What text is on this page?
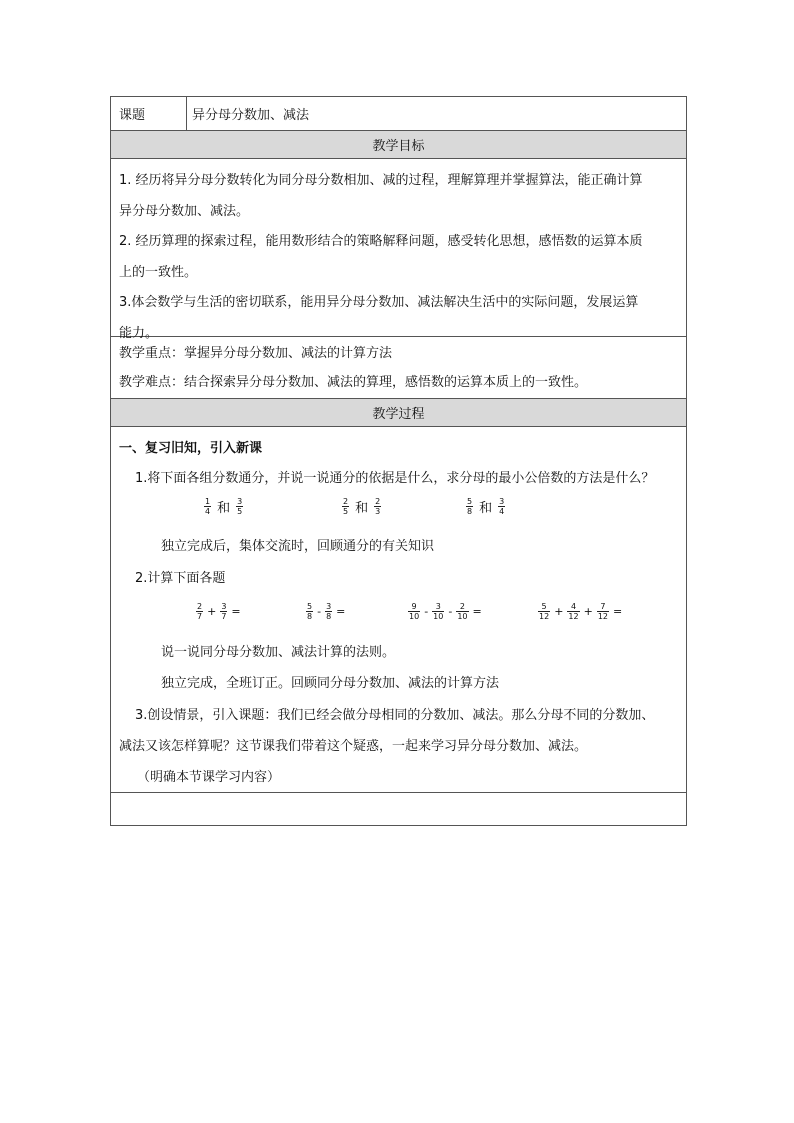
课题	异分母分数加、减法
教学目标

1. 经历将异分母分数转化为同分母分数相加、减的过程，理解算理并掌握算法，能正确计算

异分母分数加、减法。

2. 经历算理的探索过程，能用数形结合的策略解释问题，感受转化思想，感悟数的运算本质

上的一致性。

3.体会数学与生活的密切联系，能用异分母分数加、减法解决生活中的实际问题，发展运算

能力。

教学重点：掌握异分母分数加、减法的计算方法

教学难点：结合探索异分母分数加、减法的算理，感悟数的运算本质上的一致性。

教学过程
一、复习旧知，引入新课
1.将下面各组分数通分，并说一说通分的依据是什么，求分母的最小公倍数的方法是什么？
$\frac{1}{4}$ 和 $\frac{3}{5}$	$\frac{2}{5}$ 和 $\frac{2}{3}$	$\frac{5}{8}$ 和 $\frac{3}{4}$
独立完成后，集体交流时，回顾通分的有关知识
2.计算下面各题
$\frac{2}{7} + \frac{3}{7}$ =	$\frac{5}{8} - \frac{3}{8}$ =	$\frac{9}{10} - \frac{3}{10} - \frac{2}{10}$ =	$\frac{5}{12} + \frac{4}{12} + \frac{7}{12}$ =
说一说同分母分数加、减法计算的法则。
独立完成，全班订正。回顾同分母分数加、减法的计算方法
3.创设情景，引入课题：我们已经会做分母相同的分数加、减法。那么分母不同的分数加、
减法又该怎样算呢？这节课我们带着这个疑惑，一起来学习异分母分数加、减法。
（明确本节课学习内容）
